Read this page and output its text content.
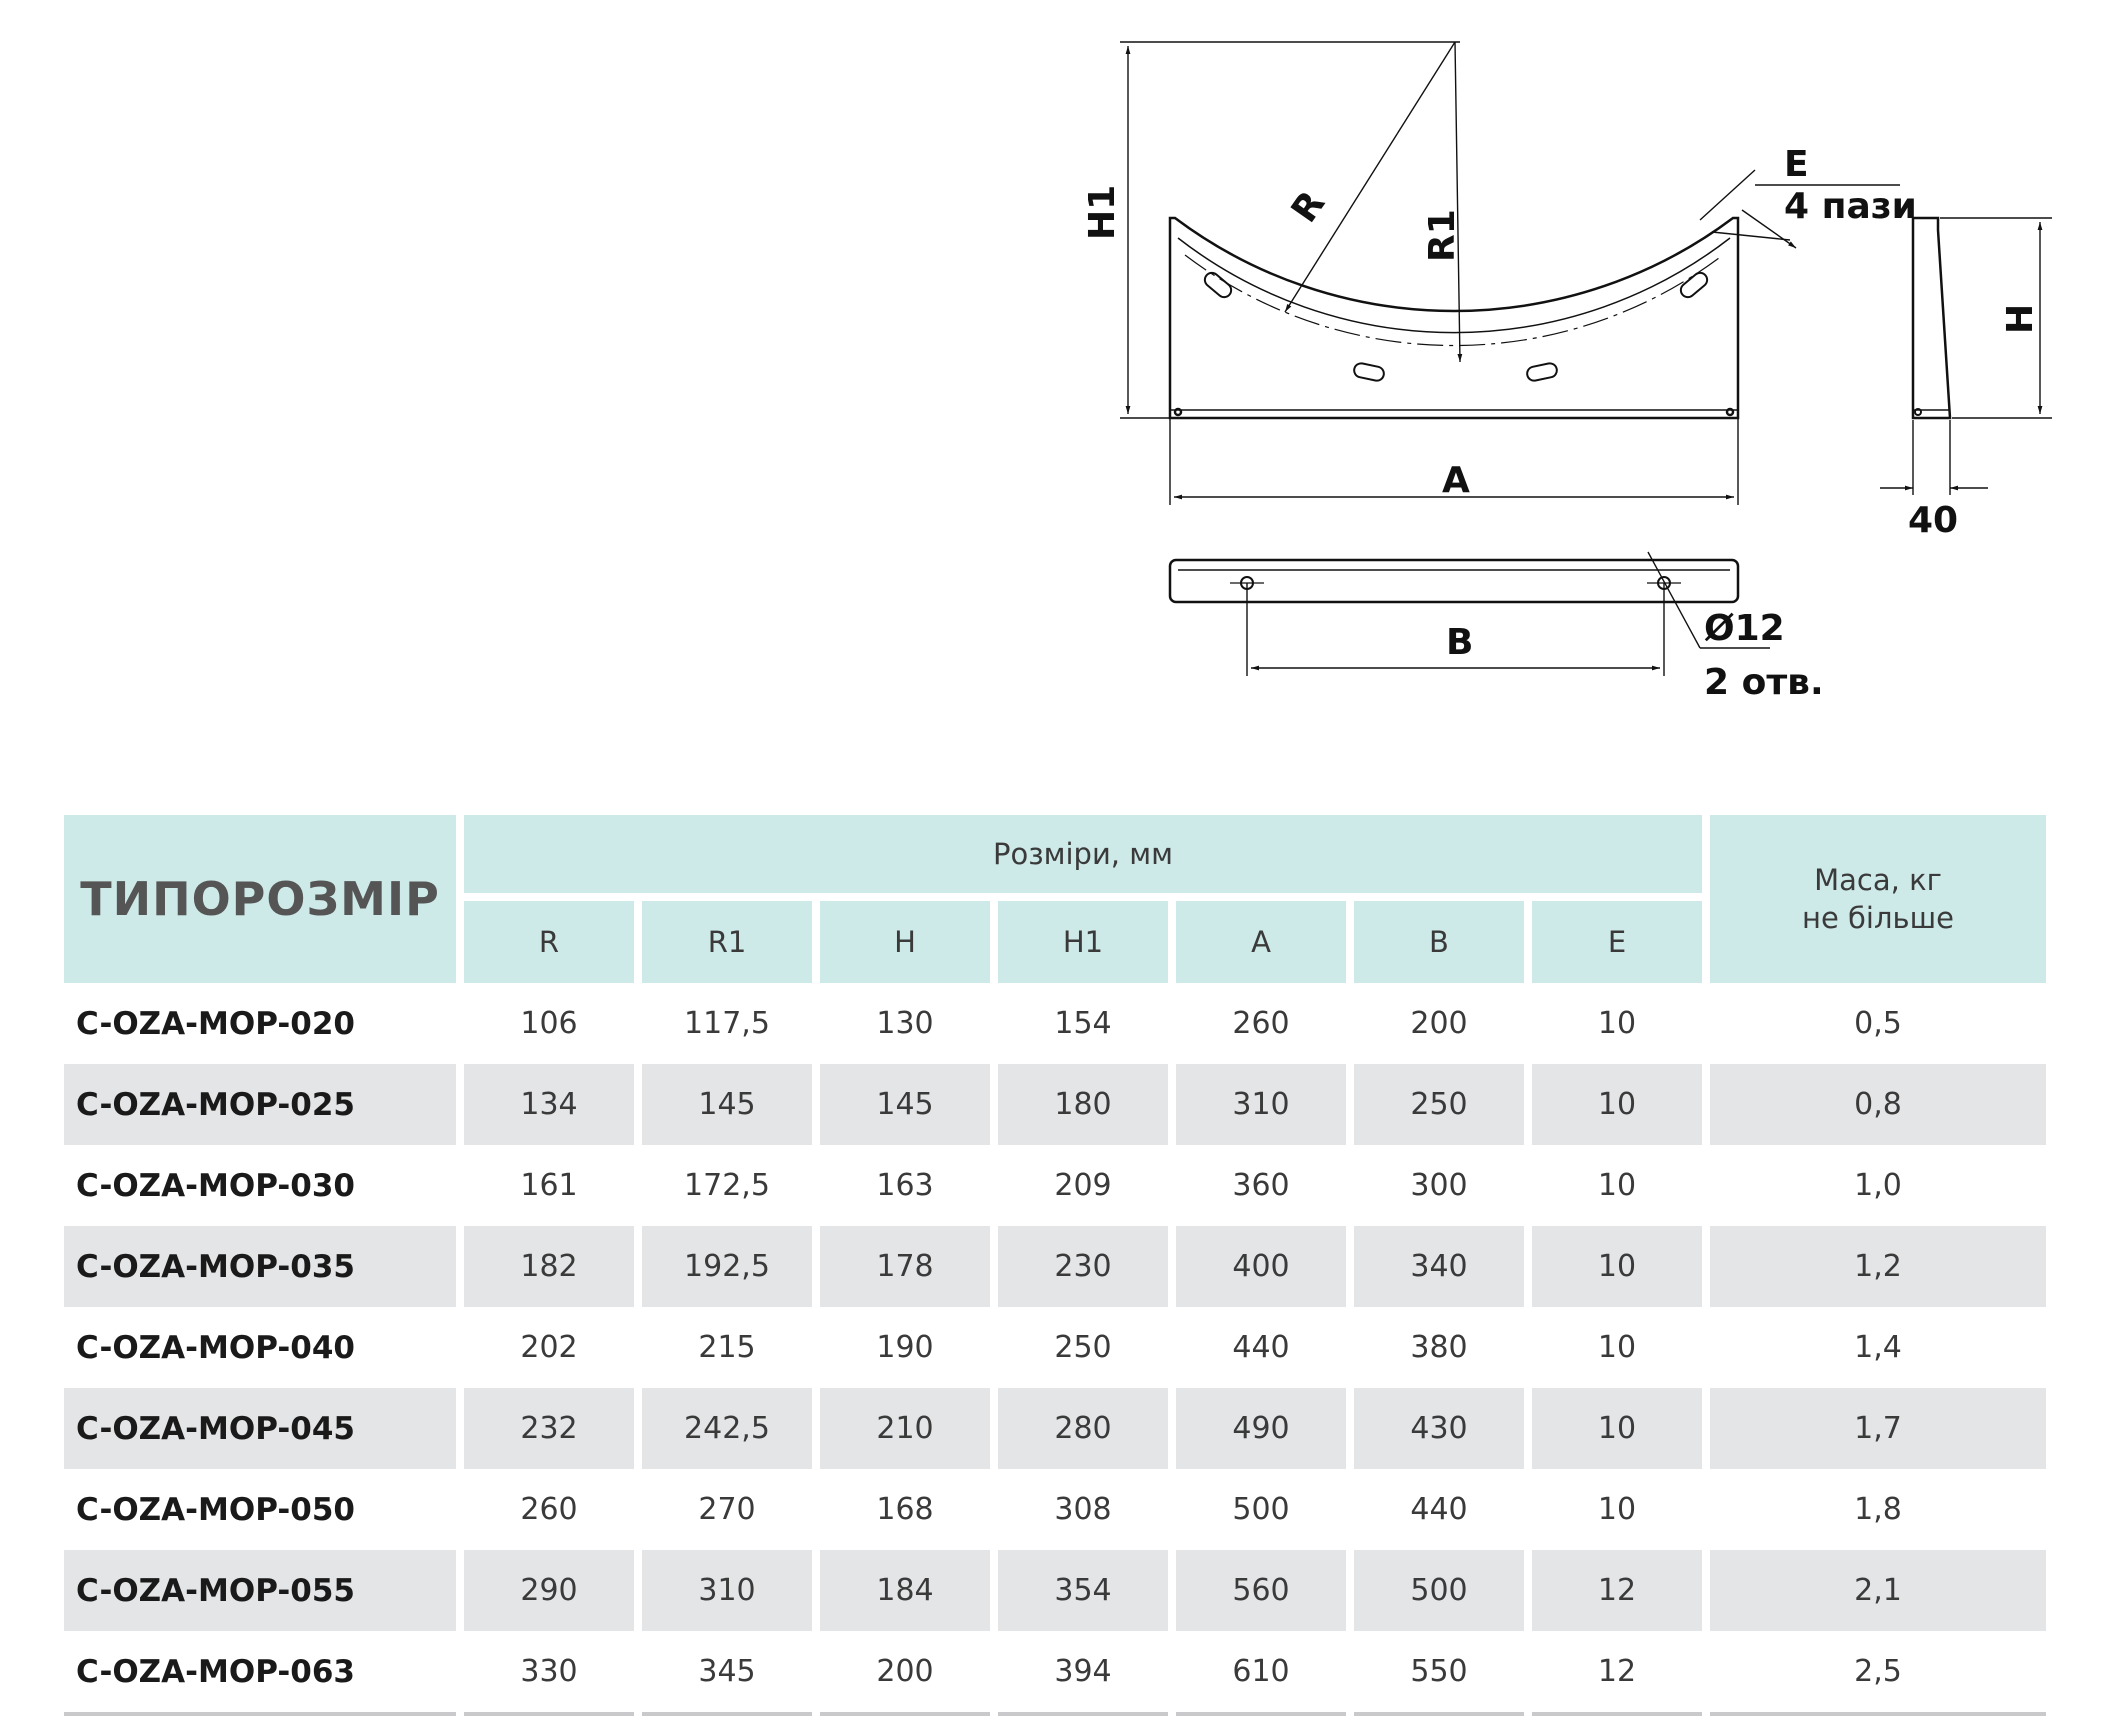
H1	R
R1
A
E
4 пази
H
40
B	Ø12
2 отв.
ТИПОРОЗМІР	Розміри, мм							Маса, кг
не більше

	R	R1	H	H1	A	B	E	
C-OZA-MOP-020	106	117,5	130	154	260	200	10	0,5
C-OZA-MOP-025	134	145	145	180	310	250	10	0,8
C-OZA-MOP-030	161	172,5	163	209	360	300	10	1,0
C-OZA-MOP-035	182	192,5	178	230	400	340	10	1,2
C-OZA-MOP-040	202	215	190	250	440	380	10	1,4
C-OZA-MOP-045	232	242,5	210	280	490	430	10	1,7
C-OZA-MOP-050	260	270	168	308	500	440	10	1,8
C-OZA-MOP-055	290	310	184	354	560	500	12	2,1
C-OZA-MOP-063	330	345	200	394	610	550	12	2,5
